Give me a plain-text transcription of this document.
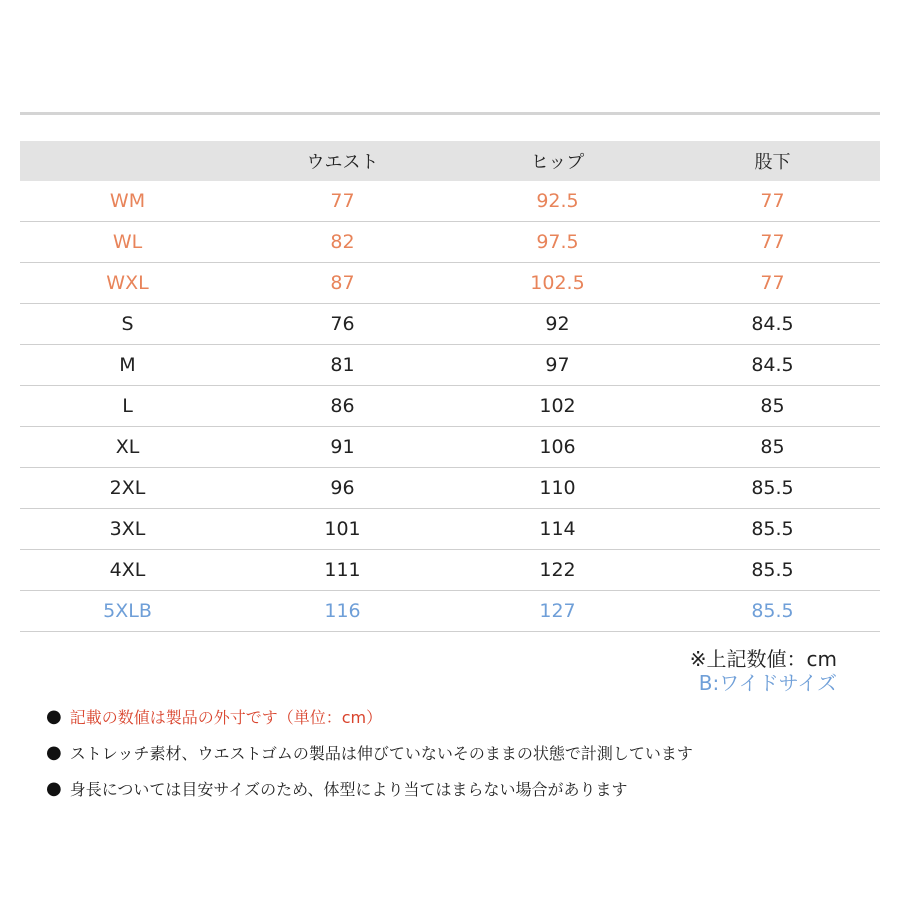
	ウエスト	ヒップ	股下
WM	77	92.5	77
WL	82	97.5	77
WXL	87	102.5	77
S	76	92	84.5
M	81	97	84.5
L	86	102	85
XL	91	106	85
2XL	96	110	85.5
3XL	101	114	85.5
4XL	111	122	85.5
5XLB	116	127	85.5
※上記数値：cm
B:ワイドサイズ
● 記載の数値は製品の外寸です（単位：cm）
● ストレッチ素材、ウエストゴムの製品は伸びていないそのままの状態で計測しています
● 身長については目安サイズのため、体型により当てはまらない場合があります
